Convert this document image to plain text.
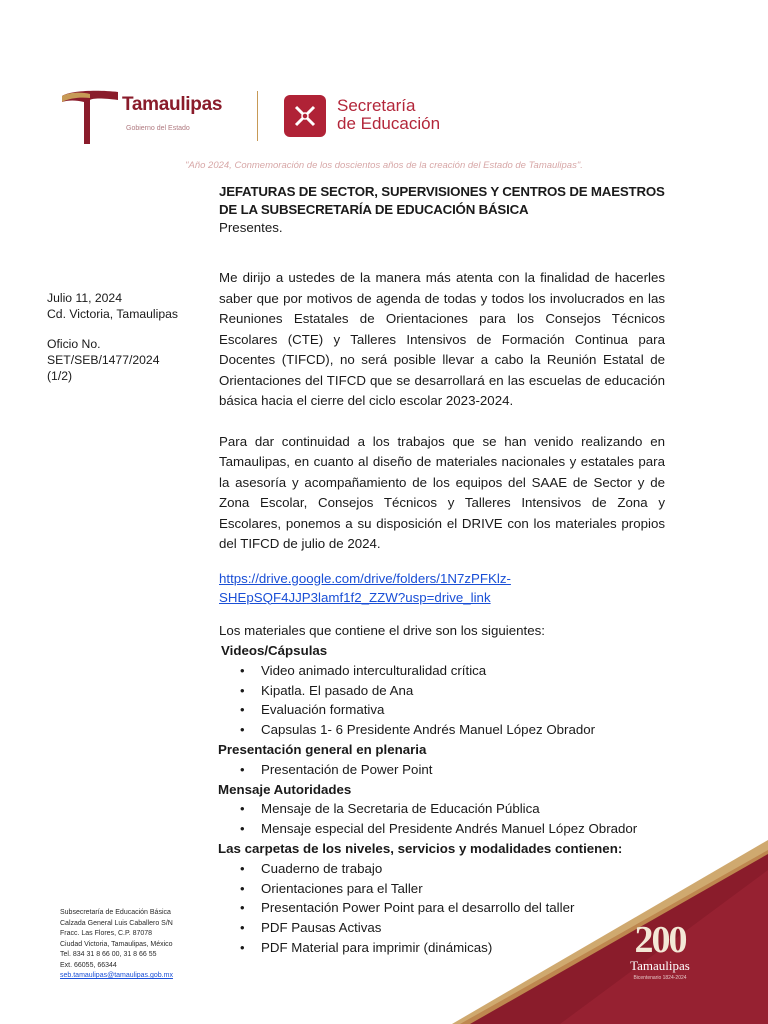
Tamaulipas
Gobierno del Estado
Secretaría
de Educación
"Año 2024, Conmemoración de los doscientos años de la creación del Estado de Tamaulipas".
JEFATURAS DE SECTOR, SUPERVISIONES Y CENTROS DE MAESTROS
DE LA SUBSECRETARÍA DE EDUCACIÓN BÁSICA
Presentes.

Julio 11, 2024

Cd. Victoria, Tamaulipas

Oficio No.

SET/SEB/1477/2024

(1/2)

Me dirijo a ustedes de la manera más atenta con la finalidad de hacerles saber que por motivos de agenda de todas y todos los involucrados en las Reuniones Estatales de Orientaciones para los Consejos Técnicos Escolares (CTE) y Talleres Intensivos de Formación Continua para Docentes (TIFCD), no será posible llevar a cabo la Reunión Estatal de Orientaciones del TIFCD que se desarrollará en las escuelas de educación básica hacia el cierre del ciclo escolar 2023-2024.

Para dar continuidad a los trabajos que se han venido realizando en Tamaulipas, en cuanto al diseño de materiales nacionales y estatales para la asesoría y acompañamiento de los equipos del SAAE de Sector y de Zona Escolar, Consejos Técnicos y Talleres Intensivos de Zona y Escolares, ponemos a su disposición el DRIVE con los materiales propios del TIFCD de julio de 2024.

https://drive.google.com/drive/folders/1N7zPFKlz-
SHEpSQF4JJP3lamf1f2_ZZW?usp=drive_link

Los materiales que contiene el drive son los siguientes:

Videos/Cápsulas
• Video animado interculturalidad crítica
• Kipatla. El pasado de Ana
• Evaluación formativa
• Capsulas 1- 6 Presidente Andrés Manuel López Obrador
Presentación general en plenaria
• Presentación de Power Point
Mensaje Autoridades
• Mensaje de la Secretaria de Educación Pública
• Mensaje especial del Presidente Andrés Manuel López Obrador
Las carpetas de los niveles, servicios y modalidades contienen:
• Cuaderno de trabajo
• Orientaciones para el Taller
• Presentación Power Point para el desarrollo del taller
• PDF Pausas Activas
• PDF Material para imprimir (dinámicas)	200
Tamaulipas
Bicentenario 1824-2024

Subsecretaría de Educación Básica

Calzada General Luis Caballero S/N

Fracc. Las Flores, C.P. 87078

Ciudad Victoria, Tamaulipas, México

Tel. 834 31 8 66 00, 31 8 66 55

Ext. 66055, 66344

seb.tamaulipas@tamaulipas.gob.mx
